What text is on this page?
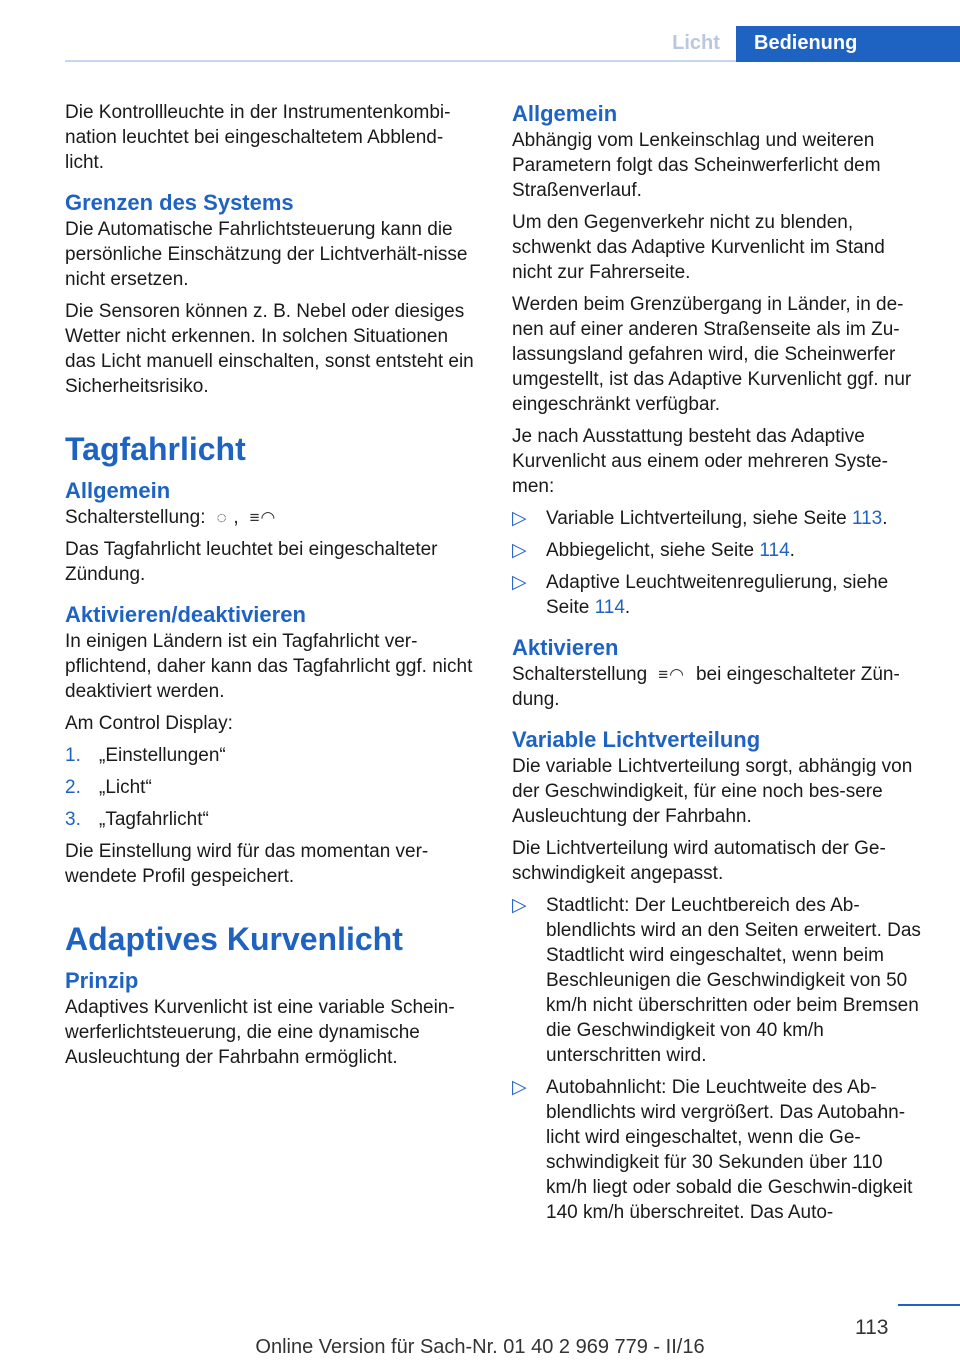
Licht	Bedienung

Die Kontrollleuchte in der Instrumentenkombi‐nation leuchtet bei eingeschaltetem Abblend‐licht.

Grenzen des Systems

Die Automatische Fahrlichtsteuerung kann die persönliche Einschätzung der Lichtverhält‐nisse nicht ersetzen.

Die Sensoren können z. B. Nebel oder diesiges Wetter nicht erkennen. In solchen Situationen das Licht manuell einschalten, sonst entsteht ein Sicherheitsrisiko.

Tagfahrlicht
Allgemein

Schalterstellung:  ◌ ,  ≡◠

Das Tagfahrlicht leuchtet bei eingeschalteter Zündung.

Aktivieren/deaktivieren

In einigen Ländern ist ein Tagfahrlicht ver‐pflichtend, daher kann das Tagfahrlicht ggf. nicht deaktiviert werden.

Am Control Display:

1. „Einstellungen“
2. „Licht“
3. „Tagfahrlicht“

Die Einstellung wird für das momentan ver‐wendete Profil gespeichert.

Adaptives Kurvenlicht
Prinzip

Adaptives Kurvenlicht ist eine variable Schein‐werferlichtsteuerung, die eine dynamische Ausleuchtung der Fahrbahn ermöglicht.

Allgemein

Abhängig vom Lenkeinschlag und weiteren Parametern folgt das Scheinwerferlicht dem Straßenverlauf.

Um den Gegenverkehr nicht zu blenden, schwenkt das Adaptive Kurvenlicht im Stand nicht zur Fahrerseite.

Werden beim Grenzübergang in Länder, in de‐nen auf einer anderen Straßenseite als im Zu‐lassungsland gefahren wird, die Scheinwerfer umgestellt, ist das Adaptive Kurvenlicht ggf. nur eingeschränkt verfügbar.

Je nach Ausstattung besteht das Adaptive Kurvenlicht aus einem oder mehreren Syste‐men:

▷ Variable Lichtverteilung, siehe Seite 113.
▷ Abbiegelicht, siehe Seite 114.
▷ Adaptive Leuchtweitenregulierung, siehe Seite 114.
Aktivieren

Schalterstellung  ≡◠  bei eingeschalteter Zün‐dung.

Variable Lichtverteilung

Die variable Lichtverteilung sorgt, abhängig von der Geschwindigkeit, für eine noch bes‐sere Ausleuchtung der Fahrbahn.

Die Lichtverteilung wird automatisch der Ge‐schwindigkeit angepasst.

▷ Stadtlicht: Der Leuchtbereich des Ab‐blendlichts wird an den Seiten erweitert. Das Stadtlicht wird eingeschaltet, wenn beim Beschleunigen die Geschwindigkeit von 50 km/h nicht überschritten oder beim Bremsen die Geschwindigkeit von 40 km/h unterschritten wird.
▷ Autobahnlicht: Die Leuchtweite des Ab‐blendlichts wird vergrößert. Das Autobahn‐licht wird eingeschaltet, wenn die Ge‐schwindigkeit für 30 Sekunden über 110 km/h liegt oder sobald die Geschwin‐digkeit 140 km/h überschreitet. Das Auto‐
113
Online Version für Sach-Nr. 01 40 2 969 779 - II/16
